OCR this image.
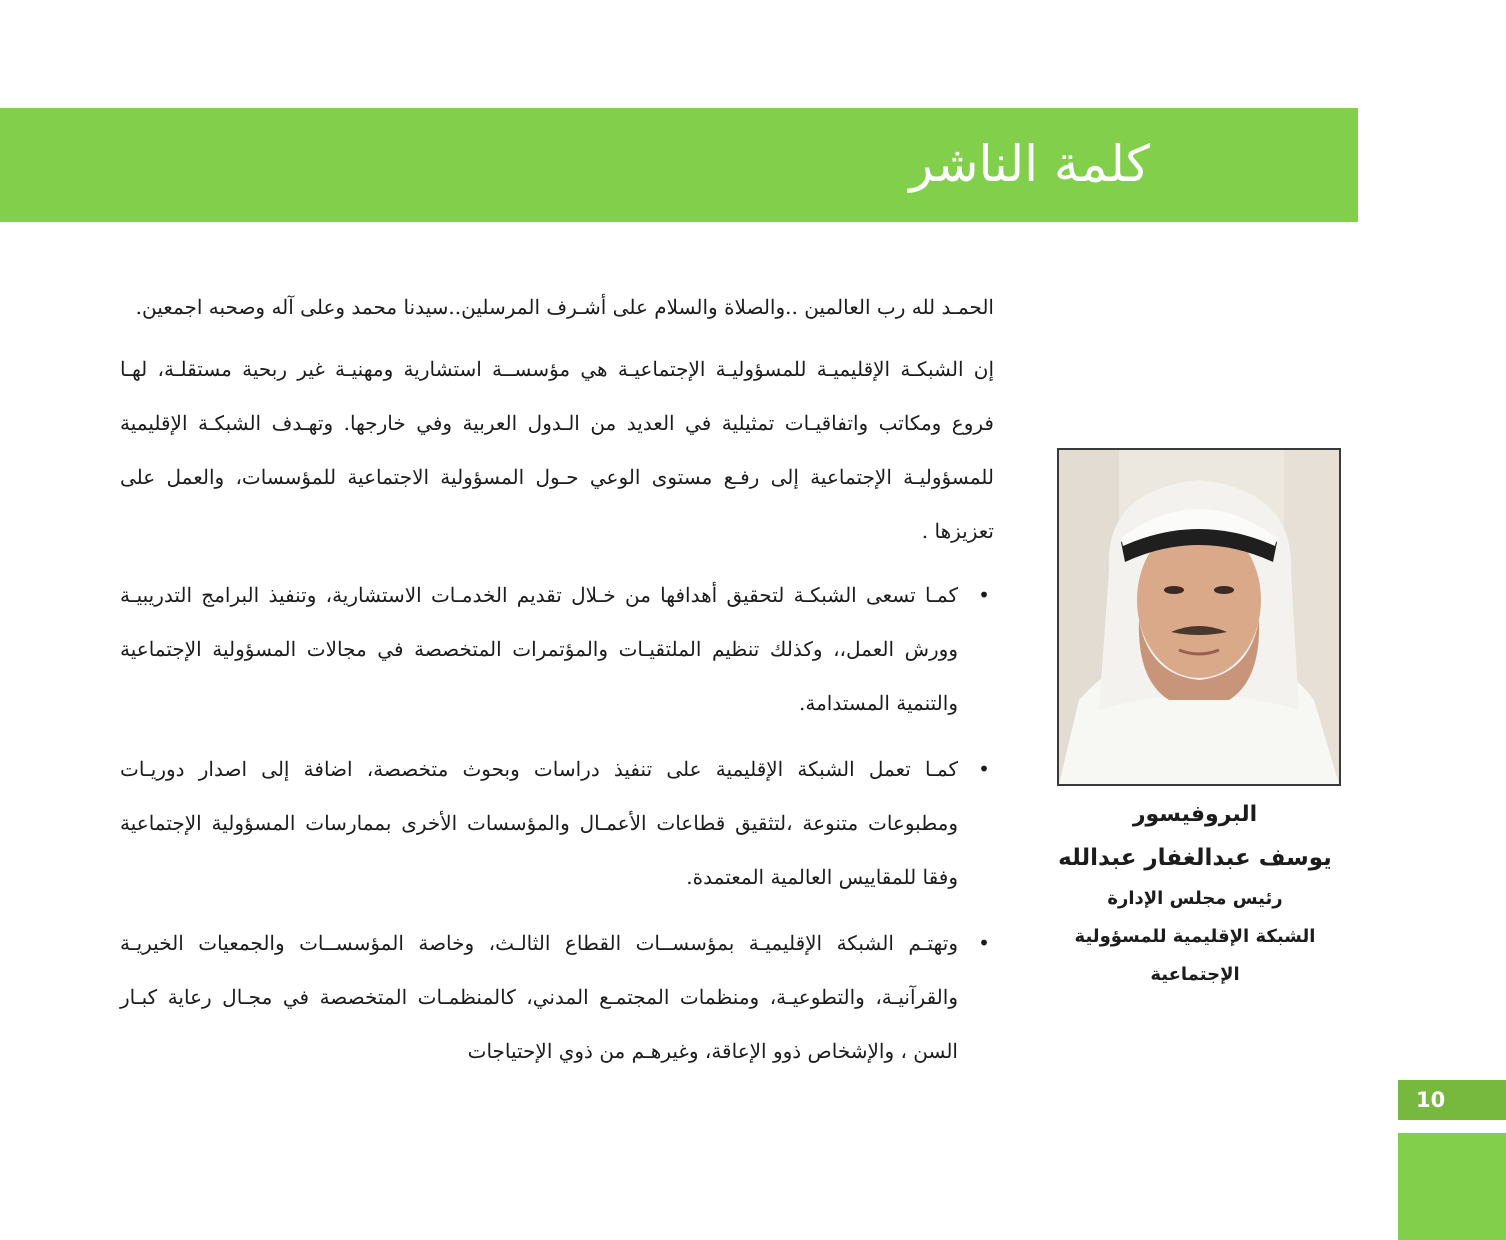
كلمة الناشر

الحمـد لله رب العالمين ..والصلاة والسلام على أشـرف المرسلين..سيدنا محمد وعلى آله وصحبه اجمعين.

إن الشبكـة الإقليميـة للمسؤوليـة الإجتماعيـة هي مؤسســة استشارية ومهنيـة غير ربحية مستقلـة، لهـا فروع ومكاتب واتفاقيـات تمثيلية في العديد من الـدول العربية وفي خارجها. وتهـدف الشبكـة الإقليمية للمسؤوليـة الإجتماعية إلى رفـع مستوى الوعي حـول المسؤولية الاجتماعية للمؤسسات، والعمل على تعزيزها .

•
كمـا تسعى الشبكـة لتحقيق أهدافها من خـلال تقديم الخدمـات الاستشارية، وتنفيذ البرامج التدريبيـة وورش العمل،، وكذلك تنظيم الملتقيـات والمؤتمرات المتخصصة في مجالات المسؤولية الإجتماعية والتنمية المستدامة.
•
كمـا تعمل الشبكة الإقليمية على تنفيذ دراسات وبحوث متخصصة، اضافة إلى اصدار دوريـات ومطبوعات متنوعة ،لتثقيق قطاعات الأعمـال والمؤسسات الأخرى بممارسات المسؤولية الإجتماعية وفقا للمقاييس العالمية المعتمدة.
•
وتهتـم الشبكة الإقليميـة بمؤسســات القطاع الثالـث، وخاصة المؤسســات والجمعيات الخيريـة والقرآنيـة، والتطوعيـة، ومنظمات المجتمـع المدني، كالمنظمـات المتخصصة في مجـال رعاية كبـار السن ، والإشخاص ذوو الإعاقة، وغيرهـم من ذوي الإحتياجات
البروفيسور
يوسف عبدالغفار عبدالله
رئيس مجلس الإدارة
الشبكة الإقليمية للمسؤولية
الإجتماعية
10
